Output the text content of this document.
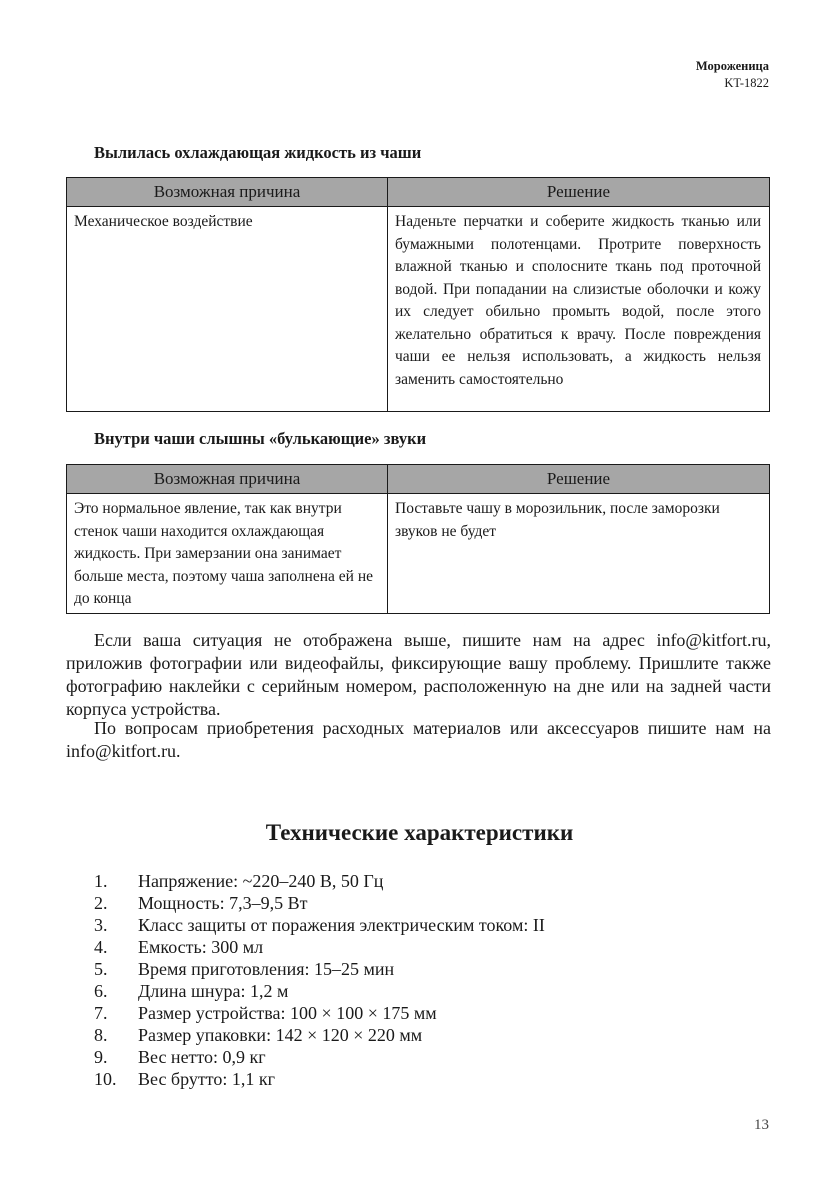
Мороженица
KT-1822
Вылилась охлаждающая жидкость из чаши
Возможная причина	Решение
Механическое воздействие	Наденьте перчатки и соберите жидкость тканью или бумажными полотенцами. Протрите поверхность влажной тканью и сполосните ткань под проточной водой. При попадании на слизистые оболочки и кожу их следует обильно промыть водой, после этого желательно обратиться к врачу. После повреждения чаши ее нельзя использовать, а жидкость нельзя заменить самостоятельно
Внутри чаши слышны «булькающие» звуки
Возможная причина	Решение
Это нормальное явление, так как внутри стенок чаши находится охлаждающая жидкость. При замерзании она занимает больше места, поэтому чаша заполнена ей не до конца	Поставьте чашу в морозильник, после заморозки звуков не будет

Если ваша ситуация не отображена выше, пишите нам на адрес info@kitfort.ru, приложив фотографии или видеофайлы, фиксирующие вашу проблему. Пришлите также фотографию наклейки с серийным номером, расположенную на дне или на задней части корпуса устройства.

По вопросам приобретения расходных материалов или аксессуаров пишите нам на info@kitfort.ru.

Технические характеристики
1.	Напряжение: ~220–240 В, 50 Гц
2.	Мощность: 7,3–9,5 Вт
3.	Класс защиты от поражения электрическим током: II
4.	Емкость: 300 мл
5.	Время приготовления: 15–25 мин
6.	Длина шнура: 1,2 м
7.	Размер устройства: 100 × 100 × 175 мм
8.	Размер упаковки: 142 × 120 × 220 мм
9.	Вес нетто: 0,9 кг
10.	Вес брутто: 1,1 кг
13
